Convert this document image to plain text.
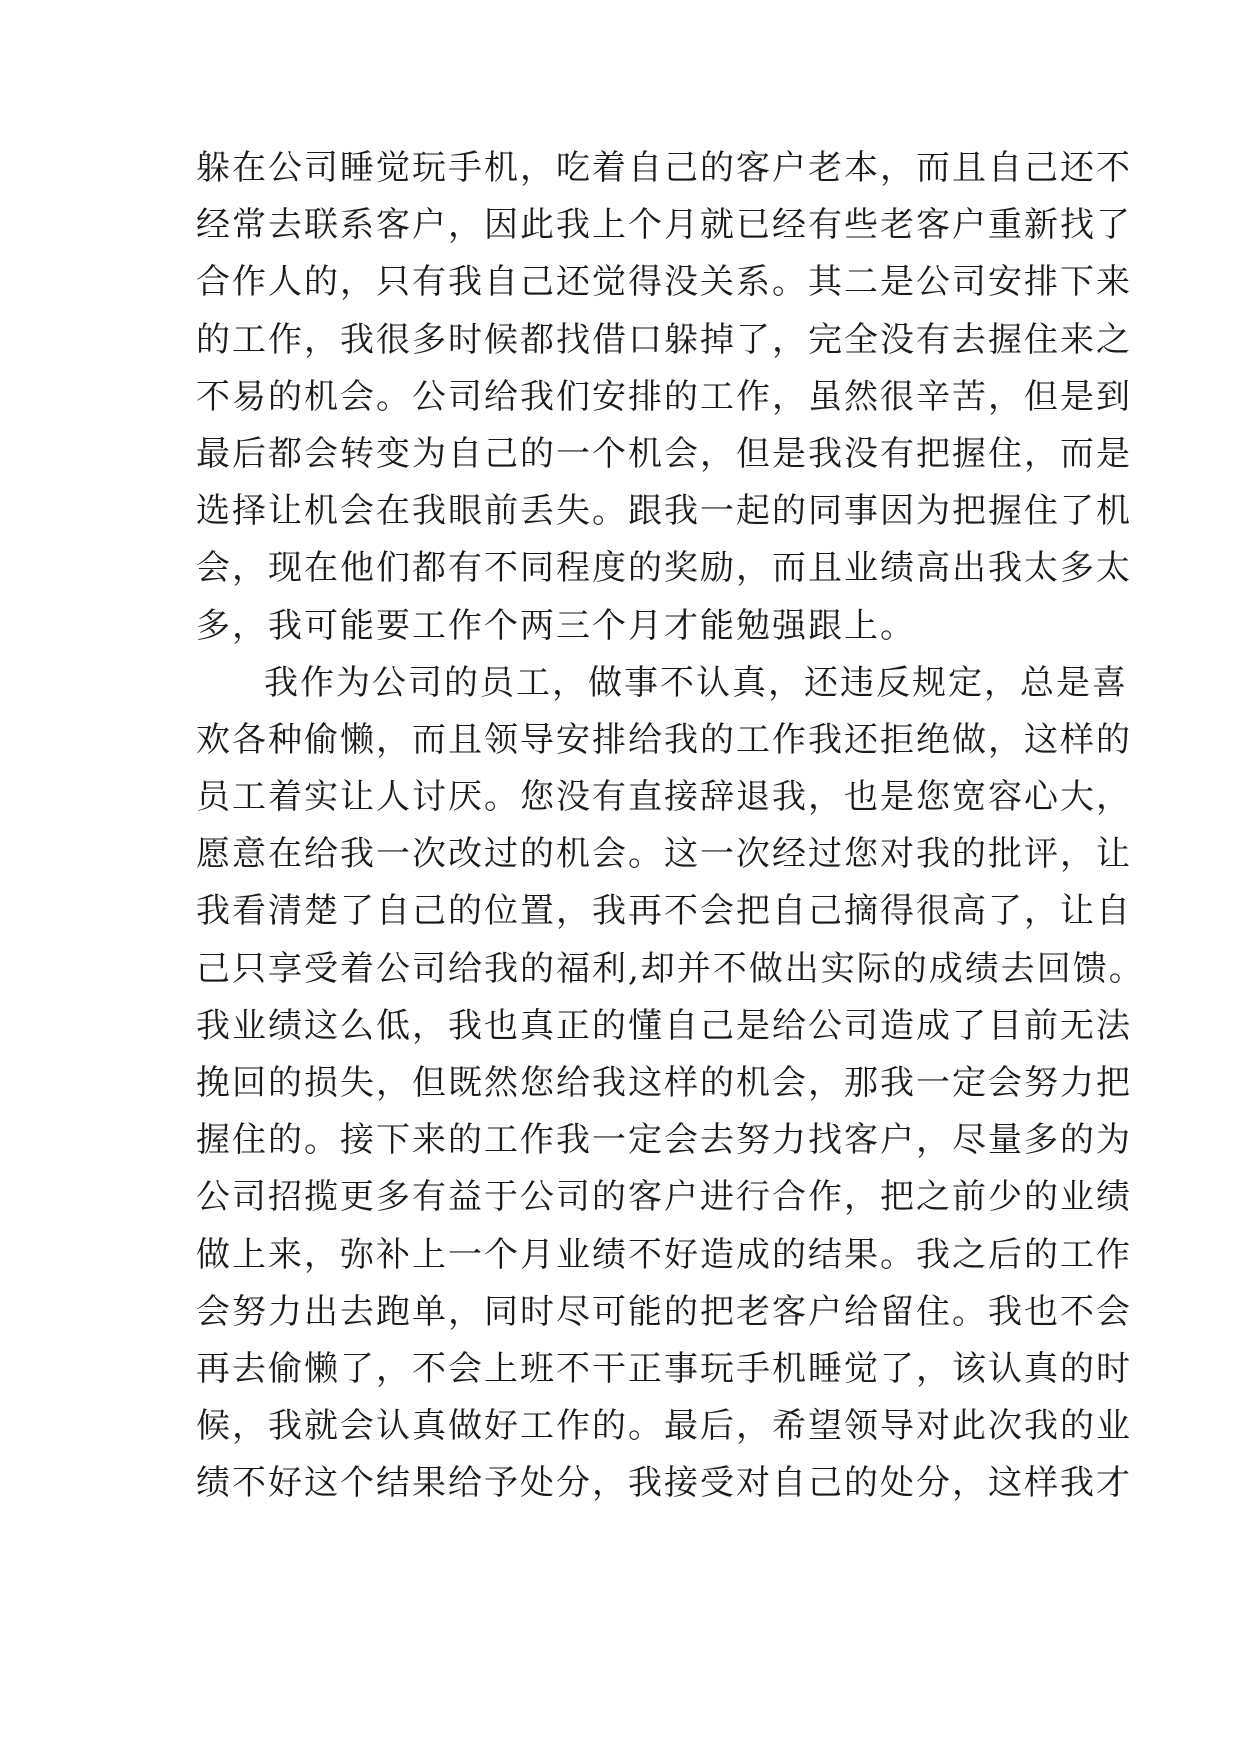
躲在公司睡觉玩手机，吃着自己的客户老本，而且自己还不
经常去联系客户，因此我上个月就已经有些老客户重新找了
合作人的，只有我自己还觉得没关系。其二是公司安排下来
的工作，我很多时候都找借口躲掉了，完全没有去握住来之
不易的机会。公司给我们安排的工作，虽然很辛苦，但是到
最后都会转变为自己的一个机会，但是我没有把握住，而是
选择让机会在我眼前丢失。跟我一起的同事因为把握住了机
会，现在他们都有不同程度的奖励，而且业绩高出我太多太
多，我可能要工作个两三个月才能勉强跟上。
我作为公司的员工，做事不认真，还违反规定，总是喜
欢各种偷懒，而且领导安排给我的工作我还拒绝做，这样的
员工着实让人讨厌。您没有直接辞退我，也是您宽容心大，
愿意在给我一次改过的机会。这一次经过您对我的批评，让
我看清楚了自己的位置，我再不会把自己摘得很高了，让自
己只享受着公司给我的福利,却并不做出实际的成绩去回馈。
我业绩这么低，我也真正的懂自己是给公司造成了目前无法
挽回的损失，但既然您给我这样的机会，那我一定会努力把
握住的。接下来的工作我一定会去努力找客户，尽量多的为
公司招揽更多有益于公司的客户进行合作，把之前少的业绩
做上来，弥补上一个月业绩不好造成的结果。我之后的工作
会努力出去跑单，同时尽可能的把老客户给留住。我也不会
再去偷懒了，不会上班不干正事玩手机睡觉了，该认真的时
候，我就会认真做好工作的。最后，希望领导对此次我的业
绩不好这个结果给予处分，我接受对自己的处分，这样我才
